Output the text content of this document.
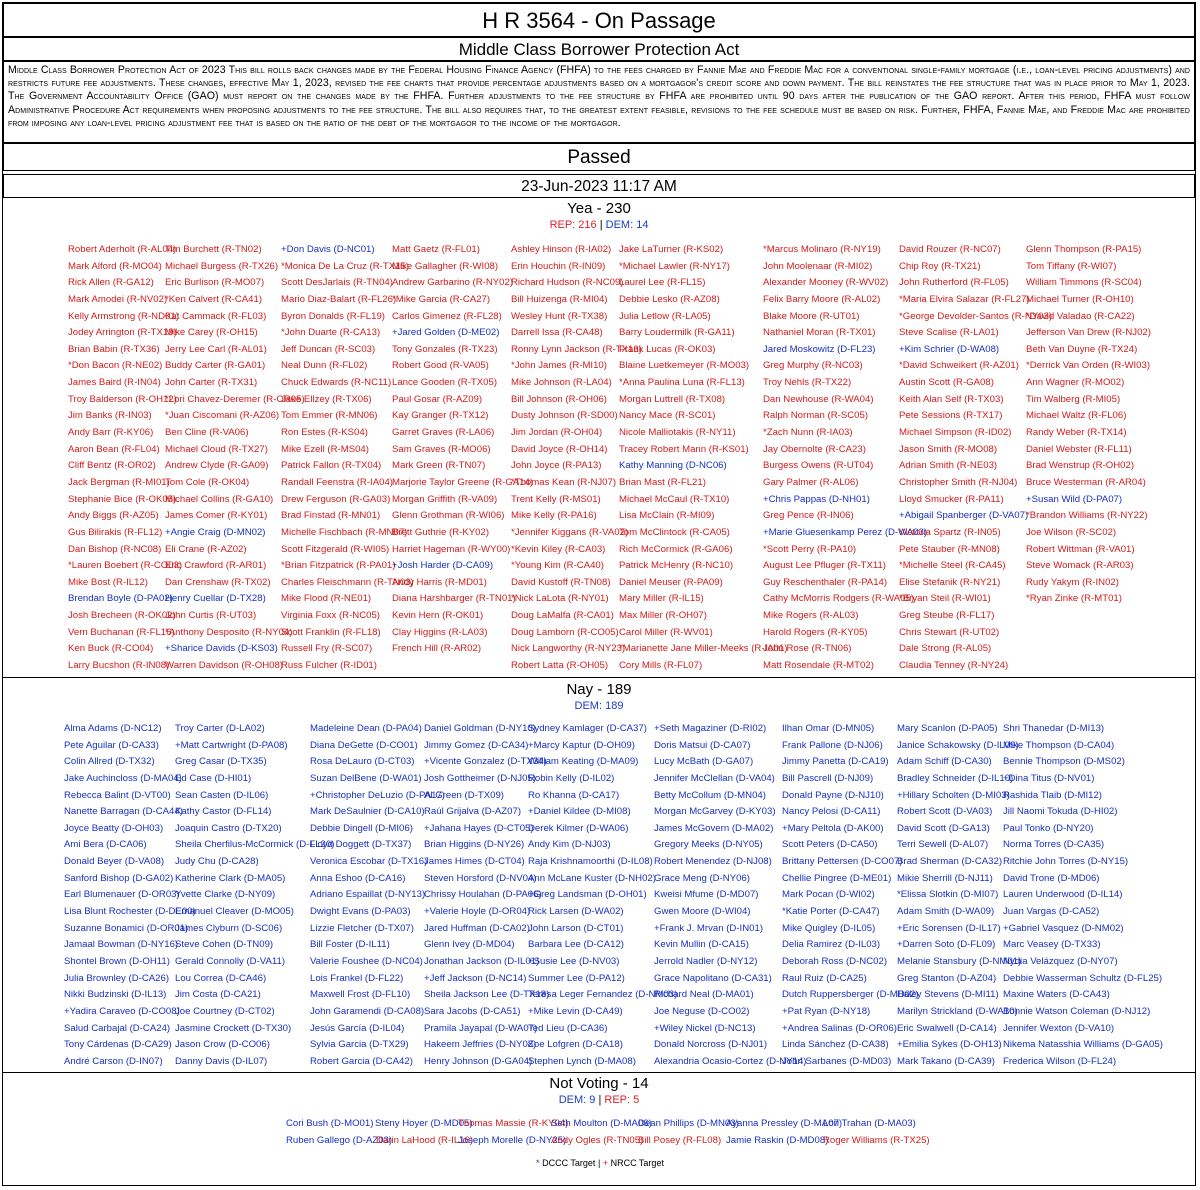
H R 3564 - On Passage
Middle Class Borrower Protection Act
Middle Class Borrower Protection Act of 2023 This bill rolls back changes made by the Federal Housing Finance Agency (FHFA) to the fees charged by Fannie Mae and Freddie Mac for a conventional single-family mortgage (i.e., loan-level pricing adjustments) and restricts future fee adjustments. These changes, effective May 1, 2023, revised the fee charts that provide percentage adjustments based on a mortgagor's credit score and down payment. The bill reinstates the fee structure that was in place prior to May 1, 2023. The Government Accountability Office (GAO) must report on the changes made by the FHFA. Further adjustments to the fee structure by FHFA are prohibited until 90 days after the publication of the GAO report. After this period, FHFA must follow Administrative Procedure Act requirements when proposing adjustments to the fee structure. The bill also requires that, to the greatest extent feasible, revisions to the fee schedule must be based on risk. Further, FHFA, Fannie Mae, and Freddie Mac are prohibited from imposing any loan-level pricing adjustment fee that is based on the ratio of the debt of the mortgagor to the income of the mortgagor.
Passed
23-Jun-2023 11:17 AM
Yea - 230
REP: 216 | DEM: 14
Robert Aderholt (R-AL04)
Mark Alford (R-MO04)
Rick Allen (R-GA12)
Mark Amodei (R-NV02)
Kelly Armstrong (R-ND01)
Jodey Arrington (R-TX19)
Brian Babin (R-TX36)
*Don Bacon (R-NE02)
James Baird (R-IN04)
Troy Balderson (R-OH12)
Jim Banks (R-IN03)
Andy Barr (R-KY06)
Aaron Bean (R-FL04)
Cliff Bentz (R-OR02)
Jack Bergman (R-MI01)
Stephanie Bice (R-OK05)
Andy Biggs (R-AZ05)
Gus Bilirakis (R-FL12)
Dan Bishop (R-NC08)
*Lauren Boebert (R-CO03)
Mike Bost (R-IL12)
Brendan Boyle (D-PA02)
Josh Brecheen (R-OK02)
Vern Buchanan (R-FL16)
Ken Buck (R-CO04)
Larry Bucshon (R-IN08)
Tim Burchett (R-TN02)
Michael Burgess (R-TX26)
Eric Burlison (R-MO07)
*Ken Calvert (R-CA41)
Kat Cammack (R-FL03)
Mike Carey (R-OH15)
Jerry Lee Carl (R-AL01)
Buddy Carter (R-GA01)
John Carter (R-TX31)
*Lori Chavez-Deremer (R-OR05)
*Juan Ciscomani (R-AZ06)
Ben Cline (R-VA06)
Michael Cloud (R-TX27)
Andrew Clyde (R-GA09)
Tom Cole (R-OK04)
Michael Collins (R-GA10)
James Comer (R-KY01)
+Angie Craig (D-MN02)
Eli Crane (R-AZ02)
Eric Crawford (R-AR01)
Dan Crenshaw (R-TX02)
Henry Cuellar (D-TX28)
John Curtis (R-UT03)
*Anthony Desposito (R-NY04)
+Sharice Davids (D-KS03)
Warren Davidson (R-OH08)
+Don Davis (D-NC01)
*Monica De La Cruz (R-TX15)
Scott DesJarlais (R-TN04)
Mario Diaz-Balart (R-FL26)
Byron Donalds (R-FL19)
*John Duarte (R-CA13)
Jeff Duncan (R-SC03)
Neal Dunn (R-FL02)
Chuck Edwards (R-NC11)
Jake Ellzey (R-TX06)
Tom Emmer (R-MN06)
Ron Estes (R-KS04)
Mike Ezell (R-MS04)
Patrick Fallon (R-TX04)
Randall Feenstra (R-IA04)
Drew Ferguson (R-GA03)
Brad Finstad (R-MN01)
Michelle Fischbach (R-MN07)
Scott Fitzgerald (R-WI05)
*Brian Fitzpatrick (R-PA01)
Charles Fleischmann (R-TN03)
Mike Flood (R-NE01)
Virginia Foxx (R-NC05)
Scott Franklin (R-FL18)
Russell Fry (R-SC07)
Russ Fulcher (R-ID01)
Matt Gaetz (R-FL01)
Mike Gallagher (R-WI08)
Andrew Garbarino (R-NY02)
*Mike Garcia (R-CA27)
Carlos Gimenez (R-FL28)
+Jared Golden (D-ME02)
Tony Gonzales (R-TX23)
Robert Good (R-VA05)
Lance Gooden (R-TX05)
Paul Gosar (R-AZ09)
Kay Granger (R-TX12)
Garret Graves (R-LA06)
Sam Graves (R-MO06)
Mark Green (R-TN07)
Marjorie Taylor Greene (R-GA14)
Morgan Griffith (R-VA09)
Glenn Grothman (R-WI06)
Brett Guthrie (R-KY02)
Harriet Hageman (R-WY00)
+Josh Harder (D-CA09)
Andy Harris (R-MD01)
Diana Harshbarger (R-TN01)
Kevin Hern (R-OK01)
Clay Higgins (R-LA03)
French Hill (R-AR02)
Ashley Hinson (R-IA02)
Erin Houchin (R-IN09)
Richard Hudson (R-NC09)
Bill Huizenga (R-MI04)
Wesley Hunt (R-TX38)
Darrell Issa (R-CA48)
Ronny Lynn Jackson (R-TX13)
*John James (R-MI10)
Mike Johnson (R-LA04)
Bill Johnson (R-OH06)
Dusty Johnson (R-SD00)
Jim Jordan (R-OH04)
David Joyce (R-OH14)
John Joyce (R-PA13)
*Thomas Kean (R-NJ07)
Trent Kelly (R-MS01)
Mike Kelly (R-PA16)
*Jennifer Kiggans (R-VA02)
*Kevin Kiley (R-CA03)
*Young Kim (R-CA40)
David Kustoff (R-TN08)
*Nick LaLota (R-NY01)
Doug LaMalfa (R-CA01)
Doug Lamborn (R-CO05)
Nick Langworthy (R-NY23)
Robert Latta (R-OH05)
Jake LaTurner (R-KS02)
*Michael Lawler (R-NY17)
Laurel Lee (R-FL15)
Debbie Lesko (R-AZ08)
Julia Letlow (R-LA05)
Barry Loudermilk (R-GA11)
Frank Lucas (R-OK03)
Blaine Luetkemeyer (R-MO03)
*Anna Paulina Luna (R-FL13)
Morgan Luttrell (R-TX08)
Nancy Mace (R-SC01)
Nicole Malliotakis (R-NY11)
Tracey Robert Mann (R-KS01)
Kathy Manning (D-NC06)
Brian Mast (R-FL21)
Michael McCaul (R-TX10)
Lisa McClain (R-MI09)
Tom McClintock (R-CA05)
Rich McCormick (R-GA06)
Patrick McHenry (R-NC10)
Daniel Meuser (R-PA09)
Mary Miller (R-IL15)
Max Miller (R-OH07)
Carol Miller (R-WV01)
*Marianette Jane Miller-Meeks (R-IA01)
Cory Mills (R-FL07)
*Marcus Molinaro (R-NY19)
John Moolenaar (R-MI02)
Alexander Mooney (R-WV02)
Felix Barry Moore (R-AL02)
Blake Moore (R-UT01)
Nathaniel Moran (R-TX01)
Jared Moskowitz (D-FL23)
Greg Murphy (R-NC03)
Troy Nehls (R-TX22)
Dan Newhouse (R-WA04)
Ralph Norman (R-SC05)
*Zach Nunn (R-IA03)
Jay Obernolte (R-CA23)
Burgess Owens (R-UT04)
Gary Palmer (R-AL06)
+Chris Pappas (D-NH01)
Greg Pence (R-IN06)
+Marie Gluesenkamp Perez (D-WA03)
*Scott Perry (R-PA10)
August Lee Pfluger (R-TX11)
Guy Reschenthaler (R-PA14)
Cathy McMorris Rodgers (R-WA05)
Mike Rogers (R-AL03)
Harold Rogers (R-KY05)
John Rose (R-TN06)
Matt Rosendale (R-MT02)
David Rouzer (R-NC07)
Chip Roy (R-TX21)
John Rutherford (R-FL05)
*Maria Elvira Salazar (R-FL27)
*George Devolder-Santos (R-NY03)
Steve Scalise (R-LA01)
+Kim Schrier (D-WA08)
*David Schweikert (R-AZ01)
Austin Scott (R-GA08)
Keith Alan Self (R-TX03)
Pete Sessions (R-TX17)
Michael Simpson (R-ID02)
Jason Smith (R-MO08)
Adrian Smith (R-NE03)
Christopher Smith (R-NJ04)
Lloyd Smucker (R-PA11)
+Abigail Spanberger (D-VA07)
Victoria Spartz (R-IN05)
Pete Stauber (R-MN08)
*Michelle Steel (R-CA45)
Elise Stefanik (R-NY21)
*Bryan Steil (R-WI01)
Greg Steube (R-FL17)
Chris Stewart (R-UT02)
Dale Strong (R-AL05)
Claudia Tenney (R-NY24)
Glenn Thompson (R-PA15)
Tom Tiffany (R-WI07)
William Timmons (R-SC04)
Michael Turner (R-OH10)
*David Valadao (R-CA22)
Jefferson Van Drew (R-NJ02)
Beth Van Duyne (R-TX24)
*Derrick Van Orden (R-WI03)
Ann Wagner (R-MO02)
Tim Walberg (R-MI05)
Michael Waltz (R-FL06)
Randy Weber (R-TX14)
Daniel Webster (R-FL11)
Brad Wenstrup (R-OH02)
Bruce Westerman (R-AR04)
+Susan Wild (D-PA07)
*Brandon Williams (R-NY22)
Joe Wilson (R-SC02)
Robert Wittman (R-VA01)
Steve Womack (R-AR03)
Rudy Yakym (R-IN02)
*Ryan Zinke (R-MT01)
Nay - 189
DEM: 189
Alma Adams (D-NC12)
Pete Aguilar (D-CA33)
Colin Allred (D-TX32)
Jake Auchincloss (D-MA04)
Rebecca Balint (D-VT00)
Nanette Barragan (D-CA44)
Joyce Beatty (D-OH03)
Ami Bera (D-CA06)
Donald Beyer (D-VA08)
Sanford Bishop (D-GA02)
Earl Blumenauer (D-OR03)
Lisa Blunt Rochester (D-DE00)
Suzanne Bonamici (D-OR01)
Jamaal Bowman (D-NY16)
Shontel Brown (D-OH11)
Julia Brownley (D-CA26)
Nikki Budzinski (D-IL13)
+Yadira Caraveo (D-CO08)
Salud Carbajal (D-CA24)
Tony Cárdenas (D-CA29)
André Carson (D-IN07)
Troy Carter (D-LA02)
+Matt Cartwright (D-PA08)
Greg Casar (D-TX35)
Ed Case (D-HI01)
Sean Casten (D-IL06)
Kathy Castor (D-FL14)
Joaquin Castro (D-TX20)
Sheila Cherfilus-McCormick (D-FL20)
Judy Chu (D-CA28)
Katherine Clark (D-MA05)
Yvette Clarke (D-NY09)
Emanuel Cleaver (D-MO05)
James Clyburn (D-SC06)
Steve Cohen (D-TN09)
Gerald Connolly (D-VA11)
Lou Correa (D-CA46)
Jim Costa (D-CA21)
Joe Courtney (D-CT02)
Jasmine Crockett (D-TX30)
Jason Crow (D-CO06)
Danny Davis (D-IL07)
Madeleine Dean (D-PA04)
Diana DeGette (D-CO01)
Rosa DeLauro (D-CT03)
Suzan DelBene (D-WA01)
+Christopher DeLuzio (D-PA17)
Mark DeSaulnier (D-CA10)
Debbie Dingell (D-MI06)
Lloyd Doggett (D-TX37)
Veronica Escobar (D-TX16)
Anna Eshoo (D-CA16)
Adriano Espaillat (D-NY13)
Dwight Evans (D-PA03)
Lizzie Fletcher (D-TX07)
Bill Foster (D-IL11)
Valerie Foushee (D-NC04)
Lois Frankel (D-FL22)
Maxwell Frost (D-FL10)
John Garamendi (D-CA08)
Jesús García (D-IL04)
Sylvia Garcia (D-TX29)
Robert Garcia (D-CA42)
Daniel Goldman (D-NY10)
Jimmy Gomez (D-CA34)
+Vicente Gonzalez (D-TX34)
Josh Gottheimer (D-NJ05)
Al Green (D-TX09)
Raúl Grijalva (D-AZ07)
+Jahana Hayes (D-CT05)
Brian Higgins (D-NY26)
James Himes (D-CT04)
Steven Horsford (D-NV04)
Chrissy Houlahan (D-PA06)
+Valerie Hoyle (D-OR04)
Jared Huffman (D-CA02)
Glenn Ivey (D-MD04)
Jonathan Jackson (D-IL01)
+Jeff Jackson (D-NC14)
Sheila Jackson Lee (D-TX18)
Sara Jacobs (D-CA51)
Pramila Jayapal (D-WA07)
Hakeem Jeffries (D-NY08)
Henry Johnson (D-GA04)
Sydney Kamlager (D-CA37)
+Marcy Kaptur (D-OH09)
William Keating (D-MA09)
Robin Kelly (D-IL02)
Ro Khanna (D-CA17)
+Daniel Kildee (D-MI08)
Derek Kilmer (D-WA06)
Andy Kim (D-NJ03)
Raja Krishnamoorthi (D-IL08)
Ann McLane Kuster (D-NH02)
+Greg Landsman (D-OH01)
Rick Larsen (D-WA02)
John Larson (D-CT01)
Barbara Lee (D-CA12)
+Susie Lee (D-NV03)
Summer Lee (D-PA12)
Teresa Leger Fernandez (D-NM03)
+Mike Levin (D-CA49)
Ted Lieu (D-CA36)
Zoe Lofgren (D-CA18)
Stephen Lynch (D-MA08)
+Seth Magaziner (D-RI02)
Doris Matsui (D-CA07)
Lucy McBath (D-GA07)
Jennifer McClellan (D-VA04)
Betty McCollum (D-MN04)
Morgan McGarvey (D-KY03)
James McGovern (D-MA02)
Gregory Meeks (D-NY05)
Robert Menendez (D-NJ08)
Grace Meng (D-NY06)
Kweisi Mfume (D-MD07)
Gwen Moore (D-WI04)
+Frank J. Mrvan (D-IN01)
Kevin Mullin (D-CA15)
Jerrold Nadler (D-NY12)
Grace Napolitano (D-CA31)
Richard Neal (D-MA01)
Joe Neguse (D-CO02)
+Wiley Nickel (D-NC13)
Donald Norcross (D-NJ01)
Alexandria Ocasio-Cortez (D-NY14)
Ilhan Omar (D-MN05)
Frank Pallone (D-NJ06)
Jimmy Panetta (D-CA19)
Bill Pascrell (D-NJ09)
Donald Payne (D-NJ10)
Nancy Pelosi (D-CA11)
+Mary Peltola (D-AK00)
Scott Peters (D-CA50)
Brittany Pettersen (D-CO07)
Chellie Pingree (D-ME01)
Mark Pocan (D-WI02)
*Katie Porter (D-CA47)
Mike Quigley (D-IL05)
Delia Ramirez (D-IL03)
Deborah Ross (D-NC02)
Raul Ruiz (D-CA25)
Dutch Ruppersberger (D-MD02)
+Pat Ryan (D-NY18)
+Andrea Salinas (D-OR06)
Linda Sánchez (D-CA38)
John Sarbanes (D-MD03)
Mary Scanlon (D-PA05)
Janice Schakowsky (D-IL09)
Adam Schiff (D-CA30)
Bradley Schneider (D-IL10)
+Hillary Scholten (D-MI03)
Robert Scott (D-VA03)
David Scott (D-GA13)
Terri Sewell (D-AL07)
Brad Sherman (D-CA32)
Mikie Sherrill (D-NJ11)
*Elissa Slotkin (D-MI07)
Adam Smith (D-WA09)
+Eric Sorensen (D-IL17)
+Darren Soto (D-FL09)
Melanie Stansbury (D-NM01)
Greg Stanton (D-AZ04)
Haley Stevens (D-MI11)
Marilyn Strickland (D-WA10)
Eric Swalwell (D-CA14)
+Emilia Sykes (D-OH13)
Mark Takano (D-CA39)
Shri Thanedar (D-MI13)
Mike Thompson (D-CA04)
Bennie Thompson (D-MS02)
+Dina Titus (D-NV01)
Rashida Tlaib (D-MI12)
Jill Naomi Tokuda (D-HI02)
Paul Tonko (D-NY20)
Norma Torres (D-CA35)
Ritchie John Torres (D-NY15)
David Trone (D-MD06)
Lauren Underwood (D-IL14)
Juan Vargas (D-CA52)
+Gabriel Vasquez (D-NM02)
Marc Veasey (D-TX33)
Nydia Velázquez (D-NY07)
Debbie Wasserman Schultz (D-FL25)
Maxine Waters (D-CA43)
Bonnie Watson Coleman (D-NJ12)
Jennifer Wexton (D-VA10)
Nikema Natasshia Williams (D-GA05)
Frederica Wilson (D-FL24)
Not Voting - 14
DEM: 9 | REP: 5
Cori Bush (D-MO01) Steny Hoyer (D-MD05)
Thomas Massie (R-KY04)
Seth Moulton (D-MA06)
Dean Phillips (D-MN03)
Ayanna Pressley (D-MA07)
Lori Trahan (D-MA03)
Ruben Gallego (D-AZ03)
Darin LaHood (R-IL16)
Joseph Morelle (D-NY25)
Andy Ogles (R-TN05)
Bill Posey (R-FL08) Jamie Raskin (D-MD08)
Roger Williams (R-TX25)
* DCCC Target | + NRCC Target
